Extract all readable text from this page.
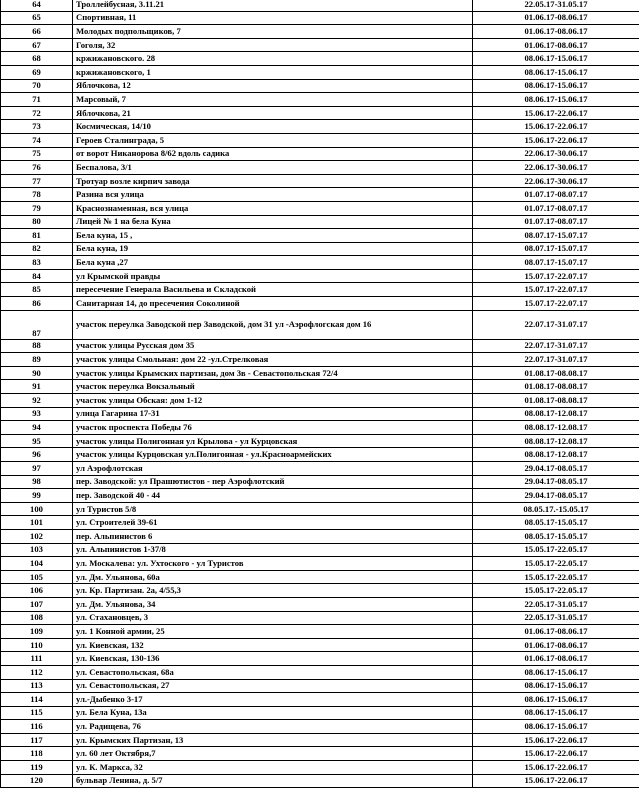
64	Троллейбусная, 3.11.21	22.05.17-31.05.17
65	Спортивная, 11	01.06.17-08.06.17
66	Молодых подпольщиков, 7	01.06.17-08.06.17
67	Гоголя, 32	01.06.17-08.06.17
68	кржижановского. 28	08.06.17-15.06.17
69	кржижановского, 1	08.06.17-15.06.17
70	Яблочкова, 12	08.06.17-15.06.17
71	Марсовый, 7	08.06.17-15.06.17
72	Яблочкова, 21	15.06.17-22.06.17
73	Космическая, 14/10	15.06.17-22.06.17
74	Героев Сталинграда, 5	15.06.17-22.06.17
75	от ворот Никанорова 8/62 вдоль садика	22.06.17-30.06.17
76	Беспалова, 3/1	22.06.17-30.06.17
77	Тротуар возле кирпич завода	22.06.17-30.06.17
78	Разина вся улица	01.07.17-08.07.17
79	Краснознаменная, вся улица	01.07.17-08.07.17
80	Лицей № 1 на бела Куна	01.07.17-08.07.17
81	Бела куна, 15 ,	08.07.17-15.07.17
82	Бела куна, 19	08.07.17-15.07.17
83	Бела куна ,27	08.07.17-15.07.17
84	ул Крымской правды	15.07.17-22.07.17
85	пересечение Генерала Васильева и Складской	15.07.17-22.07.17
86	Санитарная 14, до пресечения Соколиной	15.07.17-22.07.17
87	участок переулка Заводской пер Заводской, дом 31 ул -Аэрофлогская дом 16	22.07.17-31.07.17
88	участок улицы Русская дом 35	22.07.17-31.07.17
89	участок улицы Смольная: дом 22 -ул.Стрелковая	22.07.17-31.07.17
90	участок улицы Крымских партизан, дом 3в - Севастопольская 72/4	01.08.17-08.08.17
91	участок переулка Вокзальный	01.08.17-08.08.17
92	участок улицы Обская: дом 1-12	01.08.17-08.08.17
93	улица Гагарина 17-31	08.08.17-12.08.17
94	участок проспекта Победы 76	08.08.17-12.08.17
95	участок улицы Полигонная ул Крылова - ул Курцовская	08.08.17-12.08.17
96	участок улицы Курцовская ул.Полигонная - ул.Красноармейских	08.08.17-12.08.17
97	ул Аэрофлотская	29.04.17-08.05.17
98	пер. Заводской: ул Прашютистов - пер Аэрофлотский	29.04.17-08.05.17
99	пер. Заводской 40 - 44	29.04.17-08.05.17
100	ул Туристов 5/8	08.05.17.-15.05.17
101	ул. Строителей 39-61	08.05.17-15.05.17
102	пер. Альпинистов 6	08.05.17-15.05.17
103	ул. Альпинистов 1-37/8	15.05.17-22.05.17
104	ул. Москалева: ул. Ухтоского - ул Туристов	15.05.17-22.05.17
105	ул. Дм. Ульянова, 60а	15.05.17-22.05.17
106	ул. Кр. Партизан. 2а, 4/55,3	15.05.17-22.05.17
107	ул. Дм. Ульянова, 34	22.05.17-31.05.17
108	ул. Стахановцев, 3	22.05.17-31.05.17
109	ул. 1 Конной армии, 25	01.06.17-08.06.17
110	ул. Киевская, 132	01.06.17-08.06.17
111	ул. Киевская, 130-136	01.06.17-08.06.17
112	ул. Севастопольская, 68а	08.06.17-15.06.17
113	ул. Севастопольская, 27	08.06.17-15.06.17
114	ул.-Дыбенко 3-17	08.06.17-15.06.17
115	ул. Бела Куна, 13а	08.06.17-15.06.17
116	ул. Радищева, 76	08.06.17-15.06.17
117	ул. Крымских Партизан, 13	15.06.17-22.06.17
118	ул. 60 лет Октября,7	15.06.17-22.06.17
119	ул. К. Маркса, 32	15.06.17-22.06.17
120	бульвар Ленина, д. 5/7	15.06.17-22.06.17
